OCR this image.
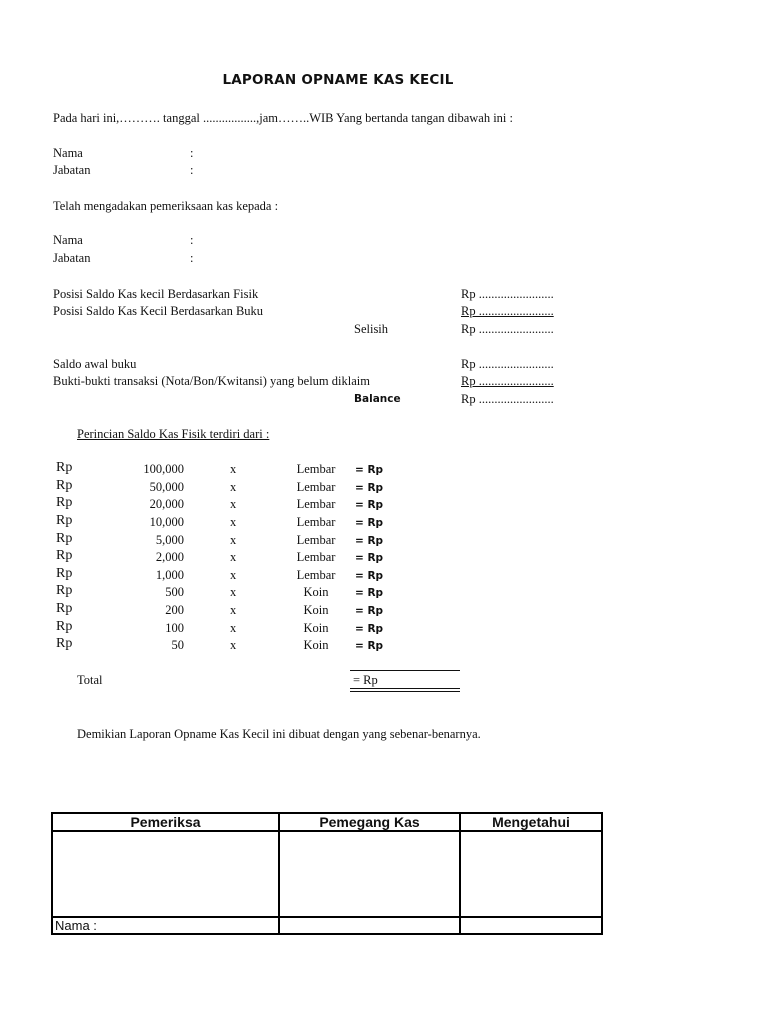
LAPORAN OPNAME KAS KECIL
Pada hari ini,………. tanggal .................,jam……..WIB Yang bertanda tangan dibawah ini :
Nama	:
Jabatan	:
Telah mengadakan pemeriksaan kas kepada :
Nama	:
Jabatan	:
Posisi Saldo Kas kecil Berdasarkan Fisik	Rp ........................
Posisi Saldo Kas Kecil Berdasarkan Buku	Rp ........................
Selisih	Rp ........................
Saldo awal buku	Rp ........................
Bukti-bukti transaksi (Nota/Bon/Kwitansi) yang belum diklaim	Rp ........................
Balance	Rp ........................
Perincian Saldo Kas Fisik terdiri dari :
Rp	100,000	x	Lembar	= Rp
Rp	50,000	x	Lembar	= Rp
Rp	20,000	x	Lembar	= Rp
Rp	10,000	x	Lembar	= Rp
Rp	5,000	x	Lembar	= Rp
Rp	2,000	x	Lembar	= Rp
Rp	1,000	x	Lembar	= Rp
Rp	500	x	Koin	= Rp
Rp	200	x	Koin	= Rp
Rp	100	x	Koin	= Rp
Rp	50	x	Koin	= Rp
Total	= Rp
Demikian Laporan Opname Kas Kecil ini dibuat dengan yang sebenar-benarnya.
Pemeriksa	Pemegang Kas	Mengetahui

Nama :		
